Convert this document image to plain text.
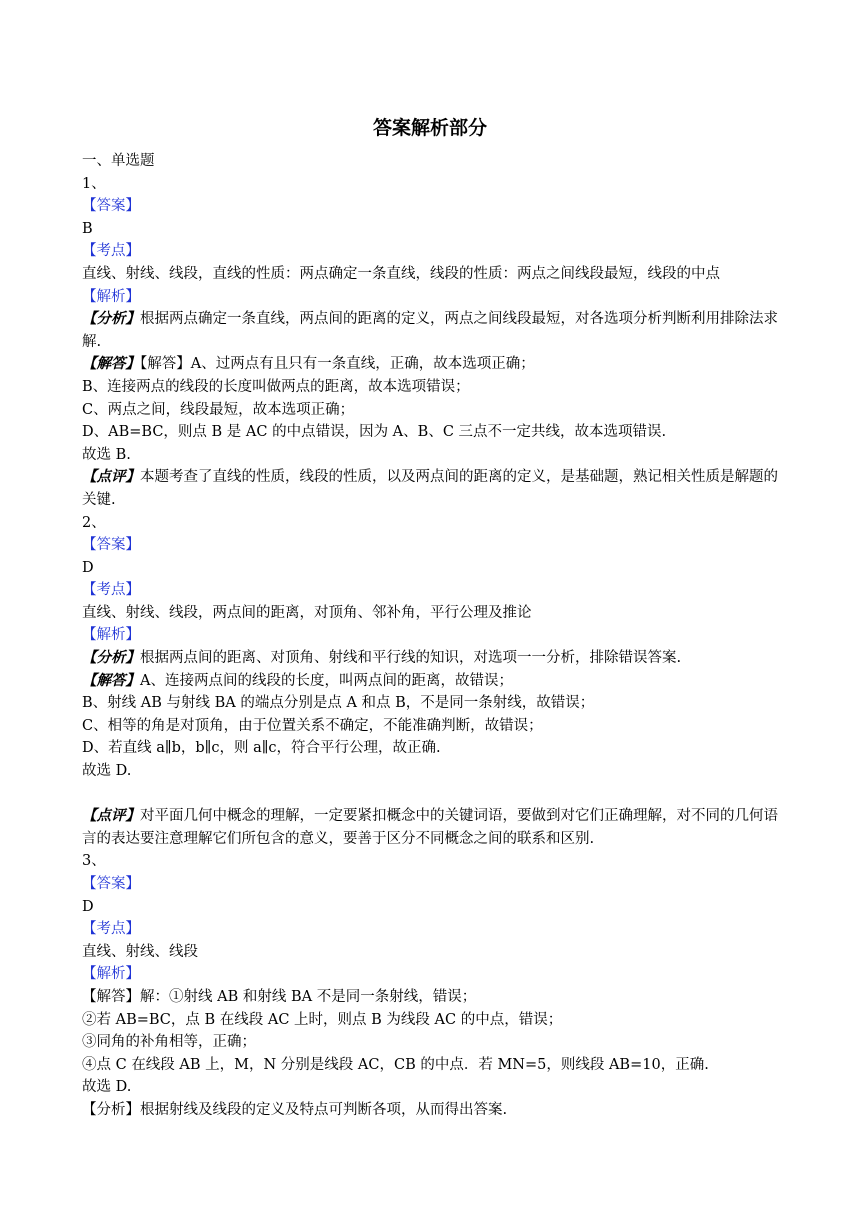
答案解析部分
一、单选题
1、
【答案】
B
【考点】
直线、射线、线段，直线的性质：两点确定一条直线，线段的性质：两点之间线段最短，线段的中点
【解析】
【分析】根据两点确定一条直线，两点间的距离的定义，两点之间线段最短，对各选项分析判断利用排除法求解.
【解答】【解答】A、过两点有且只有一条直线，正确，故本选项正确；
B、连接两点的线段的长度叫做两点的距离，故本选项错误；
C、两点之间，线段最短，故本选项正确；
D、AB=BC，则点 B 是 AC 的中点错误，因为 A、B、C 三点不一定共线，故本选项错误.
故选 B.
【点评】本题考查了直线的性质，线段的性质，以及两点间的距离的定义，是基础题，熟记相关性质是解题的关键.
2、
【答案】
D
【考点】
直线、射线、线段，两点间的距离，对顶角、邻补角，平行公理及推论
【解析】
【分析】根据两点间的距离、对顶角、射线和平行线的知识，对选项一一分析，排除错误答案.
【解答】A、连接两点间的线段的长度，叫两点间的距离，故错误；
B、射线 AB 与射线 BA 的端点分别是点 A 和点 B，不是同一条射线，故错误；
C、相等的角是对顶角，由于位置关系不确定，不能准确判断，故错误；
D、若直线 a∥b，b∥c，则 a∥c，符合平行公理，故正确.
故选 D.
【点评】对平面几何中概念的理解，一定要紧扣概念中的关键词语，要做到对它们正确理解，对不同的几何语言的表达要注意理解它们所包含的意义，要善于区分不同概念之间的联系和区别.
3、
【答案】
D
【考点】
直线、射线、线段
【解析】
【解答】解：①射线 AB 和射线 BA 不是同一条射线，错误；
②若 AB=BC，点 B 在线段 AC 上时，则点 B 为线段 AC 的中点，错误；
③同角的补角相等，正确；
④点 C 在线段 AB 上，M，N 分别是线段 AC，CB 的中点．若 MN=5，则线段 AB=10，正确.
故选 D.
【分析】根据射线及线段的定义及特点可判断各项，从而得出答案.
